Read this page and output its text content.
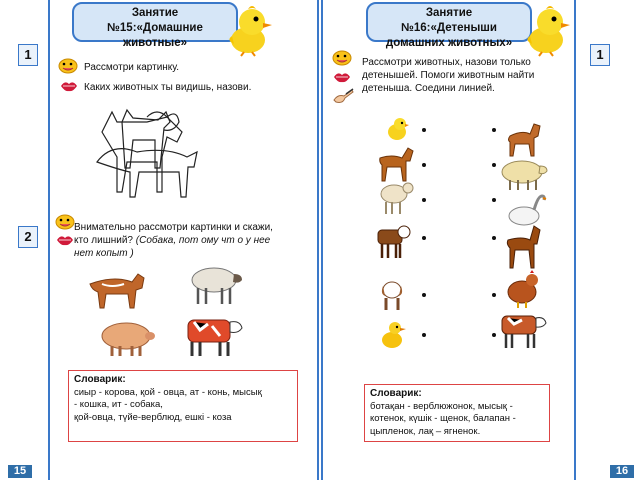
Занятие
№15:«Домашние
животные»
1
Рассмотри картинку.
Каких животных ты видишь, назови.
2
Внимательно рассмотри картинки и скажи,
кто лишний? (Собака, пот ому чт о у нее
нет копыт )
Словарик:
сиыр - корова, қой - овца, ат - конь, мысық
- кошка, ит - собака,
қой-овца, түйе-верблюд, ешкі - коза
15
Занятие
№16:«Детеныши
домашних животных»
1
Рассмотри животных, назови только
детенышей. Помоги животным найти
детеныша. Соедини линией.
Словарик:
ботақан - верблюжонок, мысық -
котенок, күшік - щенок, балапан -
цыпленок, лақ – ягненок.
16
